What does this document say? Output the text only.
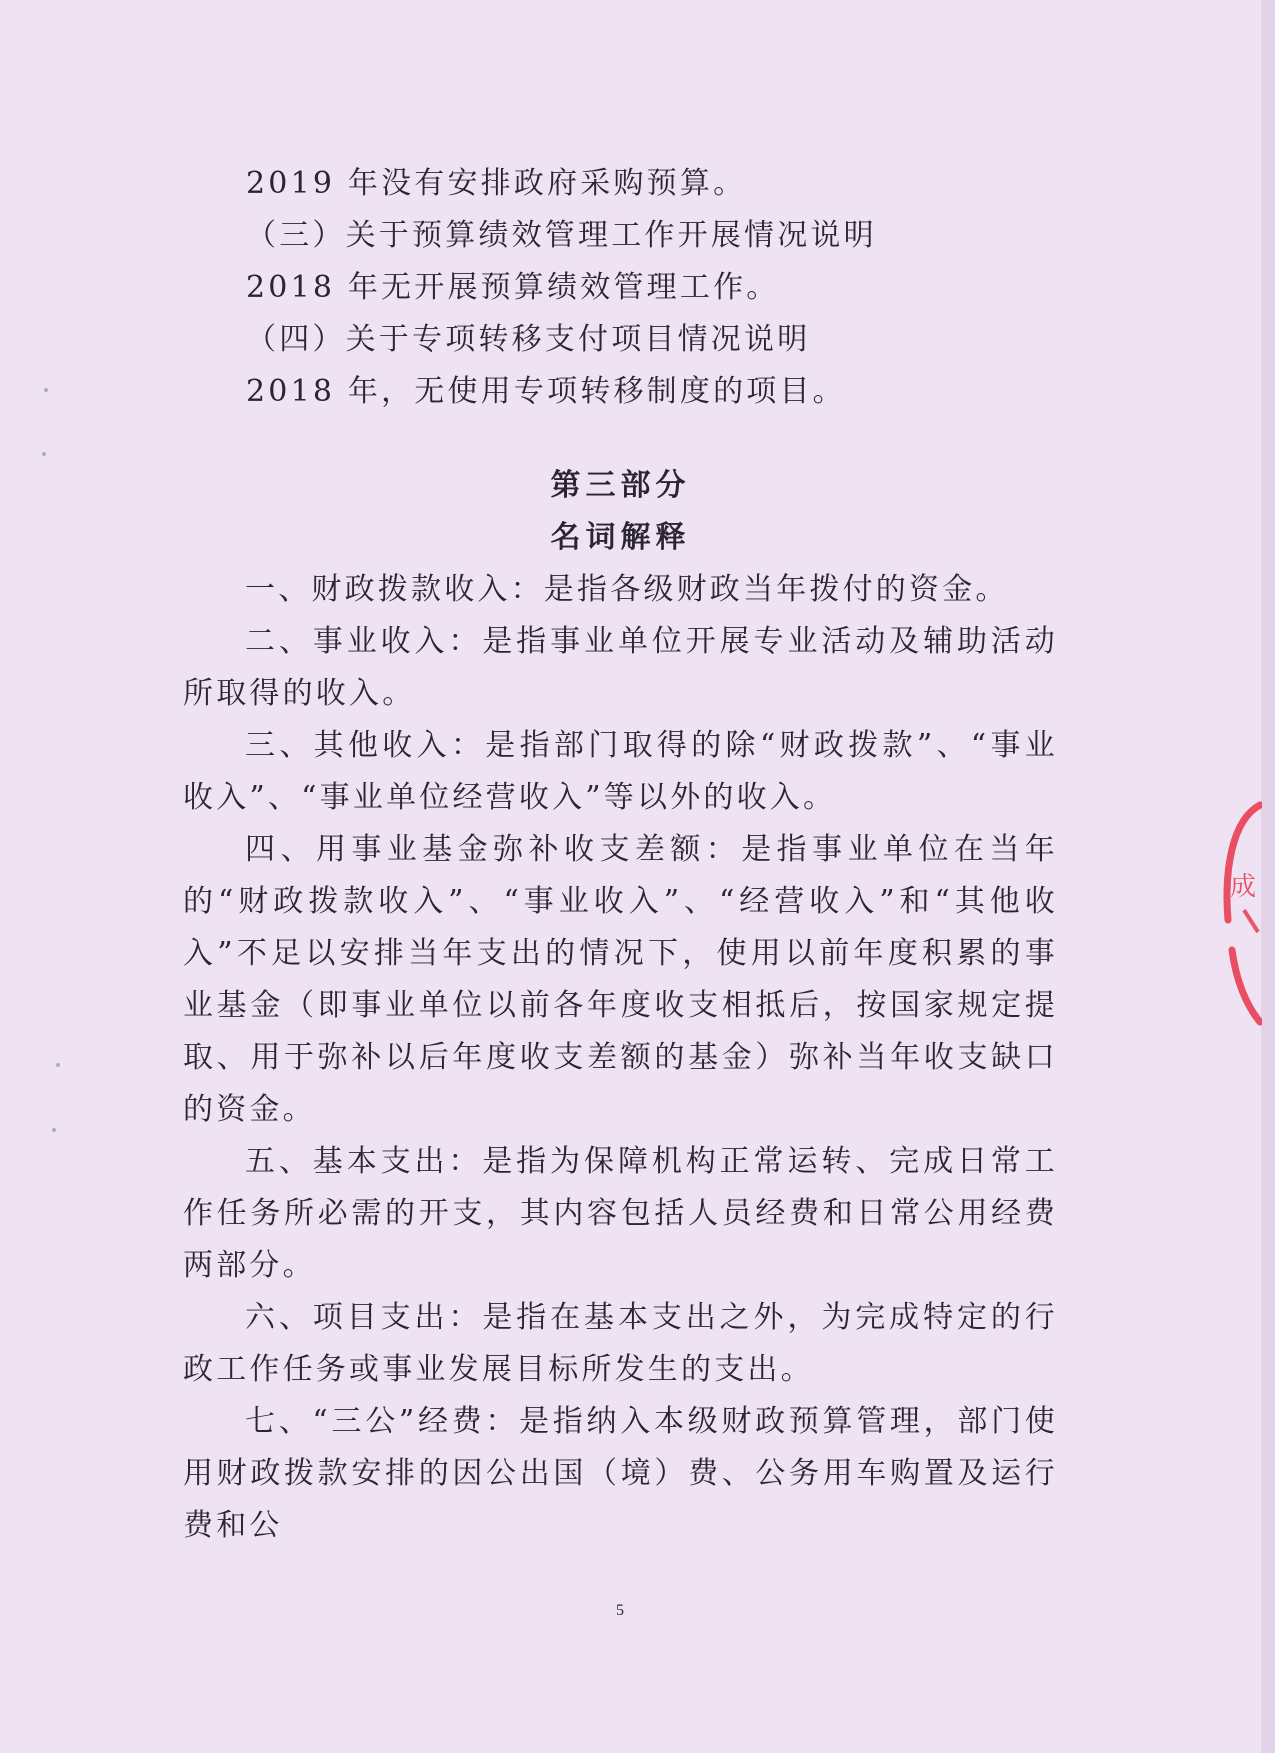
2019 年没有安排政府采购预算。
（三）关于预算绩效管理工作开展情况说明
2018 年无开展预算绩效管理工作。
（四）关于专项转移支付项目情况说明
2018 年，无使用专项转移制度的项目。
第三部分
名词解释
一、财政拨款收入：是指各级财政当年拨付的资金。
二、事业收入：是指事业单位开展专业活动及辅助活动所取得的收入。
三、其他收入：是指部门取得的除“财政拨款”、“事业收入”、“事业单位经营收入”等以外的收入。
四、用事业基金弥补收支差额：是指事业单位在当年的“财政拨款收入”、“事业收入”、“经营收入”和“其他收入”不足以安排当年支出的情况下，使用以前年度积累的事业基金（即事业单位以前各年度收支相抵后，按国家规定提取、用于弥补以后年度收支差额的基金）弥补当年收支缺口的资金。
五、基本支出：是指为保障机构正常运转、完成日常工作任务所必需的开支，其内容包括人员经费和日常公用经费两部分。
六、项目支出：是指在基本支出之外，为完成特定的行政工作任务或事业发展目标所发生的支出。
七、“三公”经费：是指纳入本级财政预算管理，部门使用财政拨款安排的因公出国（境）费、公务用车购置及运行费和公
成
5
